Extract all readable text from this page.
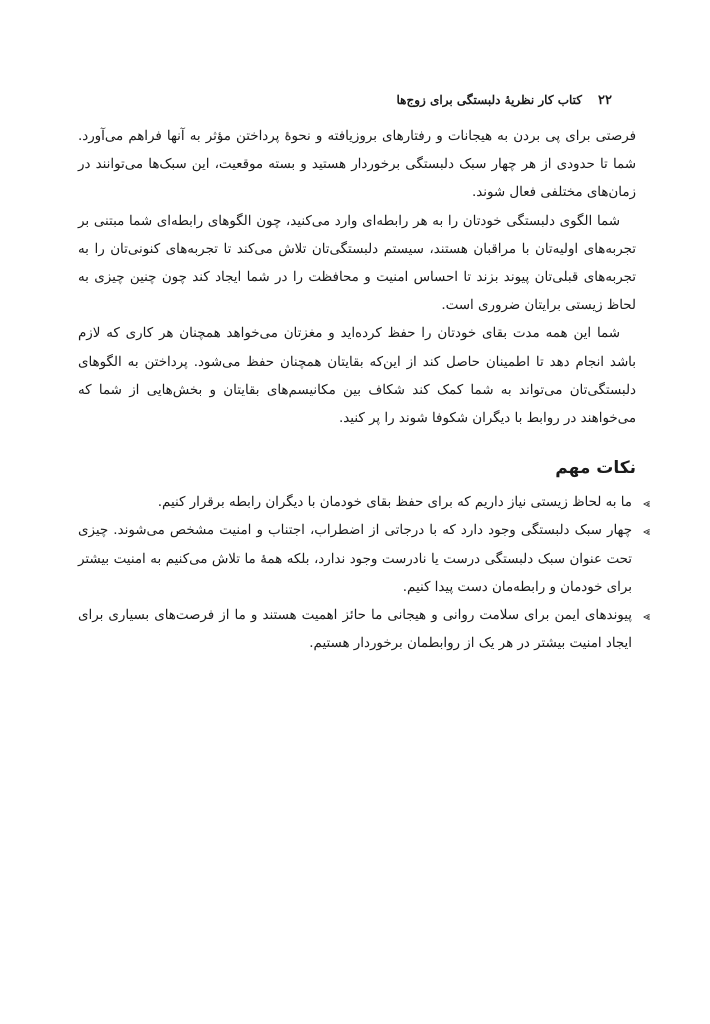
۲۲
کتاب کار نظریهٔ دلبستگی برای زوج‌ها

فرصتی برای پی بردن به هیجانات و رفتارهای بروزیافته و نحوهٔ پرداختن مؤثر به آنها فراهم می‌آورد. شما تا حدودی از هر چهار سبک دلبستگی برخوردار هستید و بسته موقعیت، این سبک‌ها می‌توانند در زمان‌های مختلفی فعال شوند.

شما الگوی دلبستگی خودتان را به هر رابطه‌ای وارد می‌کنید، چون الگوهای رابطه‌ای شما مبتنی بر تجربه‌های اولیه‌تان با مراقبان هستند، سیستم دلبستگی‌تان تلاش می‌کند تا تجربه‌های کنونی‌تان را به تجربه‌های قبلی‌تان پیوند بزند تا احساس امنیت و محافظت را در شما ایجاد کند چون چنین چیزی به لحاظ زیستی برایتان ضروری است.

شما این همه مدت بقای خودتان را حفظ کرده‌اید و مغزتان می‌خواهد همچنان هر کاری که لازم باشد انجام دهد تا اطمینان حاصل کند از این‌که بقایتان همچنان حفظ می‌شود. پرداختن به الگوهای دلبستگی‌تان می‌تواند به شما کمک کند شکاف بین مکانیسم‌های بقایتان و بخش‌هایی از شما که می‌خواهند در روابط با دیگران شکوفا شوند را پر کنید.

نکات مهم
⪢
ما به لحاظ زیستی نیاز داریم که برای حفظ بقای خودمان با دیگران رابطه برقرار کنیم.
⪢
چهار سبک دلبستگی وجود دارد که با درجاتی از اضطراب، اجتناب و امنیت مشخص می‌شوند. چیزی تحت عنوان سبک دلبستگی درست یا نادرست وجود ندارد، بلکه همهٔ ما تلاش می‌کنیم به امنیت بیشتر برای خودمان و رابطه‌مان دست پیدا کنیم.
⪢
پیوندهای ایمن برای سلامت روانی و هیجانی ما حائز اهمیت هستند و ما از فرصت‌های بسیاری برای ایجاد امنیت بیشتر در هر یک از روابطمان برخوردار هستیم.
